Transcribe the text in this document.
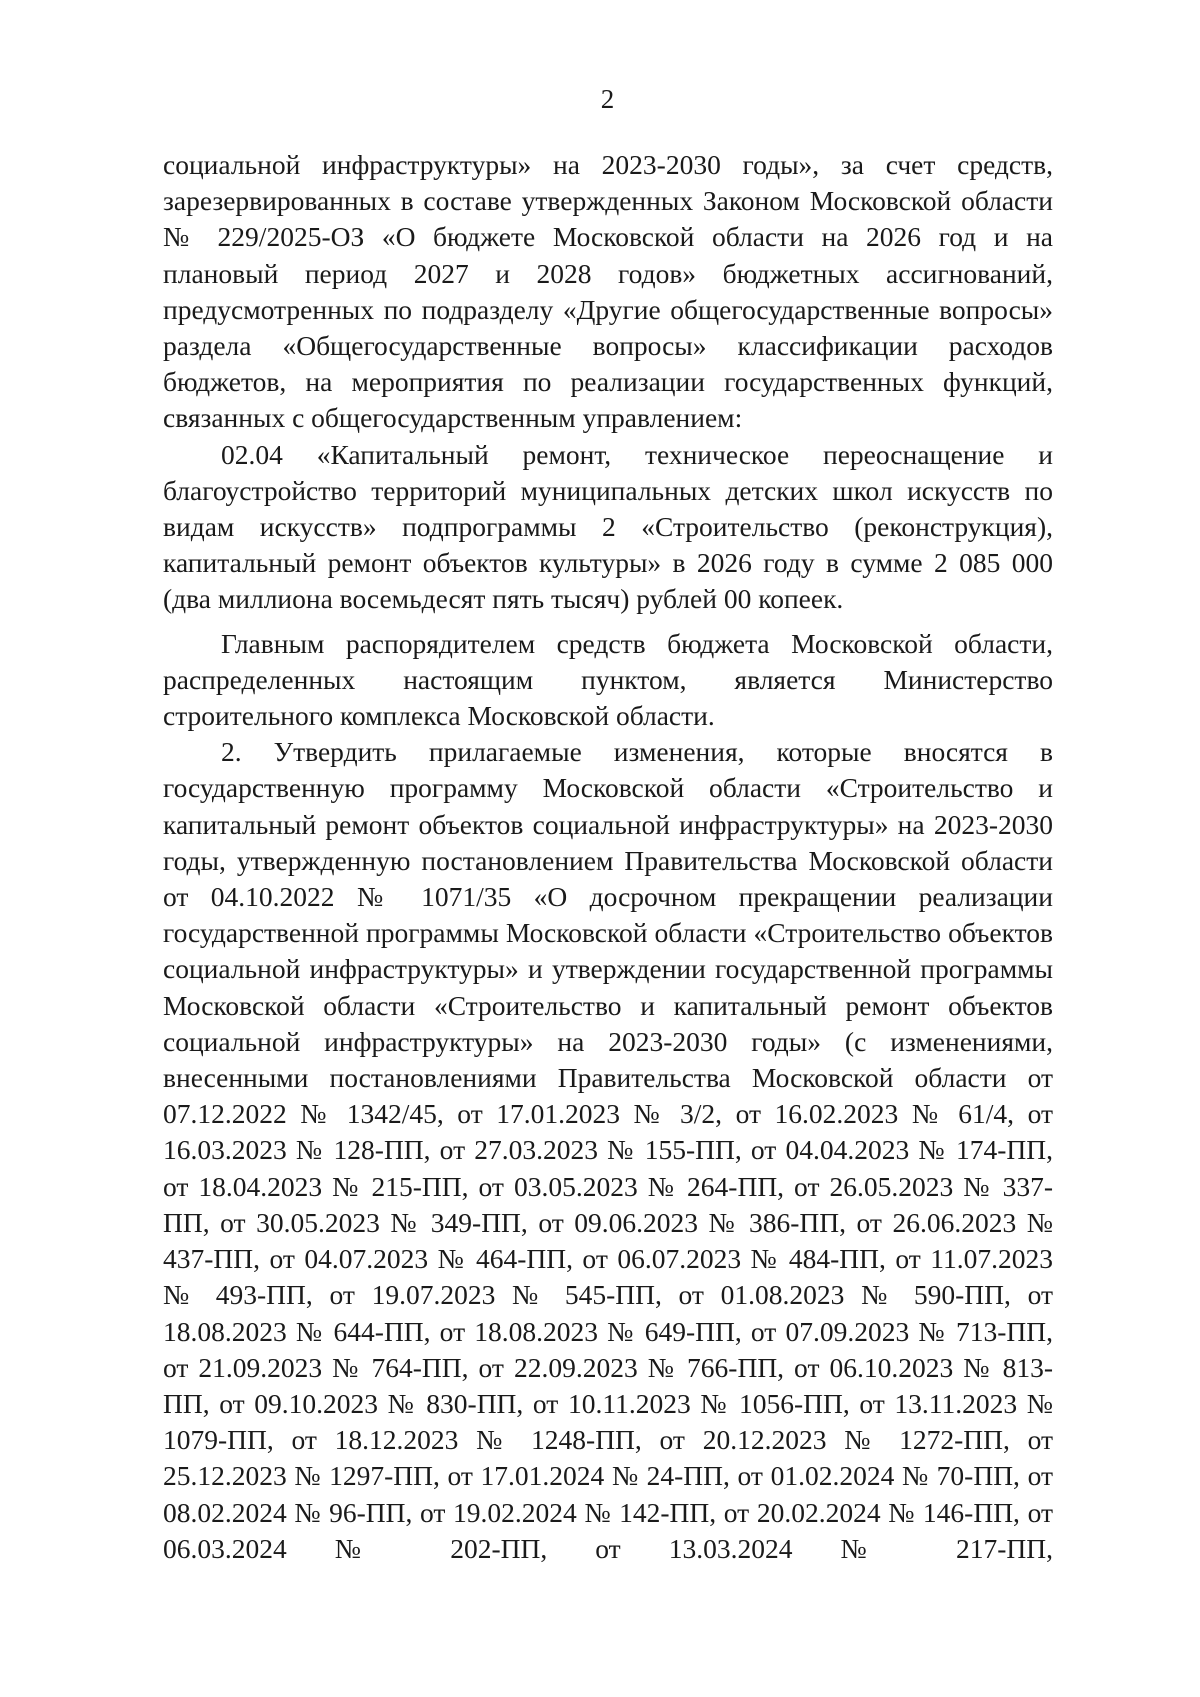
2

социальной инфраструктуры» на 2023-2030 годы», за счет средств, зарезервированных в составе утвержденных Законом Московской области № 229/2025-ОЗ «О бюджете Московской области на 2026 год и на плановый период 2027 и 2028 годов» бюджетных ассигнований, предусмотренных по подразделу «Другие общегосударственные вопросы» раздела «Общегосударственные вопросы» классификации расходов бюджетов, на мероприятия по реализации государственных функций, связанных с общегосударственным управлением:

02.04 «Капитальный ремонт, техническое переоснащение и благоустройство территорий муниципальных детских школ искусств по видам искусств» подпрограммы 2 «Строительство (реконструкция), капитальный ремонт объектов культуры» в 2026 году в сумме 2 085 000 (два миллиона восемьдесят пять тысяч) рублей 00 копеек.

Главным распорядителем средств бюджета Московской области, распределенных настоящим пунктом, является Министерство строительного комплекса Московской области.

2. Утвердить прилагаемые изменения, которые вносятся в государственную программу Московской области «Строительство и капитальный ремонт объектов социальной инфраструктуры» на 2023-2030 годы, утвержденную постановлением Правительства Московской области от 04.10.2022 № 1071/35 «О досрочном прекращении реализации государственной программы Московской области «Строительство объектов социальной инфраструктуры» и утверждении государственной программы Московской области «Строительство и капитальный ремонт объектов социальной инфраструктуры» на 2023-2030 годы» (с изменениями, внесенными постановлениями Правительства Московской области от 07.12.2022 № 1342/45, от 17.01.2023 № 3/2, от 16.02.2023 № 61/4, от 16.03.2023 № 128-ПП, от 27.03.2023 № 155-ПП, от 04.04.2023 № 174-ПП, от 18.04.2023 № 215-ПП, от 03.05.2023 № 264-ПП, от 26.05.2023 № 337-ПП, от 30.05.2023 № 349-ПП, от 09.06.2023 № 386-ПП, от 26.06.2023 № 437-ПП, от 04.07.2023 № 464-ПП, от 06.07.2023 № 484-ПП, от 11.07.2023 № 493-ПП, от 19.07.2023 № 545-ПП, от 01.08.2023 № 590-ПП, от 18.08.2023 № 644-ПП, от 18.08.2023 № 649-ПП, от 07.09.2023 № 713-ПП, от 21.09.2023 № 764-ПП, от 22.09.2023 № 766-ПП, от 06.10.2023 № 813-ПП, от 09.10.2023 № 830-ПП, от 10.11.2023 № 1056-ПП, от 13.11.2023 № 1079-ПП, от 18.12.2023 № 1248-ПП, от 20.12.2023 № 1272-ПП, от 25.12.2023 № 1297-ПП, от 17.01.2024 № 24-ПП, от 01.02.2024 № 70-ПП, от 08.02.2024 № 96-ПП, от 19.02.2024 № 142-ПП, от 20.02.2024 № 146-ПП, от 06.03.2024 № 202-ПП, от 13.03.2024 № 217-ПП,
